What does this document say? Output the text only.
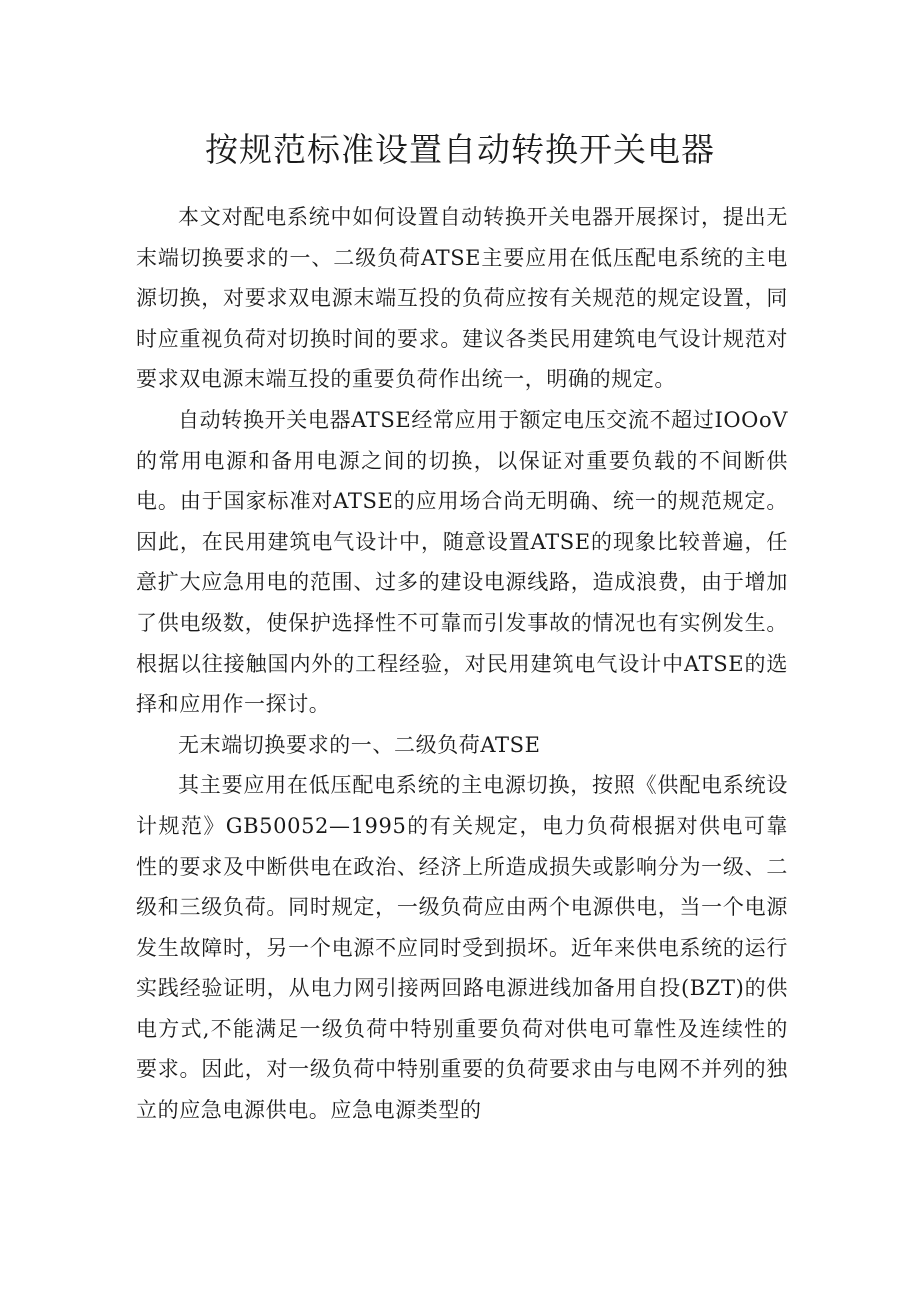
按规范标准设置自动转换开关电器

本文对配电系统中如何设置自动转换开关电器开展探讨，提出无末端切换要求的一、二级负荷ATSE主要应用在低压配电系统的主电源切换，对要求双电源末端互投的负荷应按有关规范的规定设置，同时应重视负荷对切换时间的要求。建议各类民用建筑电气设计规范对要求双电源末端互投的重要负荷作出统一，明确的规定。

自动转换开关电器ATSE经常应用于额定电压交流不超过IOOoV的常用电源和备用电源之间的切换，以保证对重要负载的不间断供电。由于国家标准对ATSE的应用场合尚无明确、统一的规范规定。因此，在民用建筑电气设计中，随意设置ATSE的现象比较普遍，任意扩大应急用电的范围、过多的建设电源线路，造成浪费，由于增加了供电级数，使保护选择性不可靠而引发事故的情况也有实例发生。根据以往接触国内外的工程经验，对民用建筑电气设计中ATSE的选择和应用作一探讨。

无末端切换要求的一、二级负荷ATSE

其主要应用在低压配电系统的主电源切换，按照《供配电系统设计规范》GB50052—1995的有关规定，电力负荷根据对供电可靠性的要求及中断供电在政治、经济上所造成损失或影响分为一级、二级和三级负荷。同时规定，一级负荷应由两个电源供电，当一个电源发生故障时，另一个电源不应同时受到损坏。近年来供电系统的运行实践经验证明，从电力网引接两回路电源进线加备用自投(BZT)的供电方式,不能满足一级负荷中特别重要负荷对供电可靠性及连续性的要求。因此，对一级负荷中特别重要的负荷要求由与电网不并列的独立的应急电源供电。应急电源类型的
